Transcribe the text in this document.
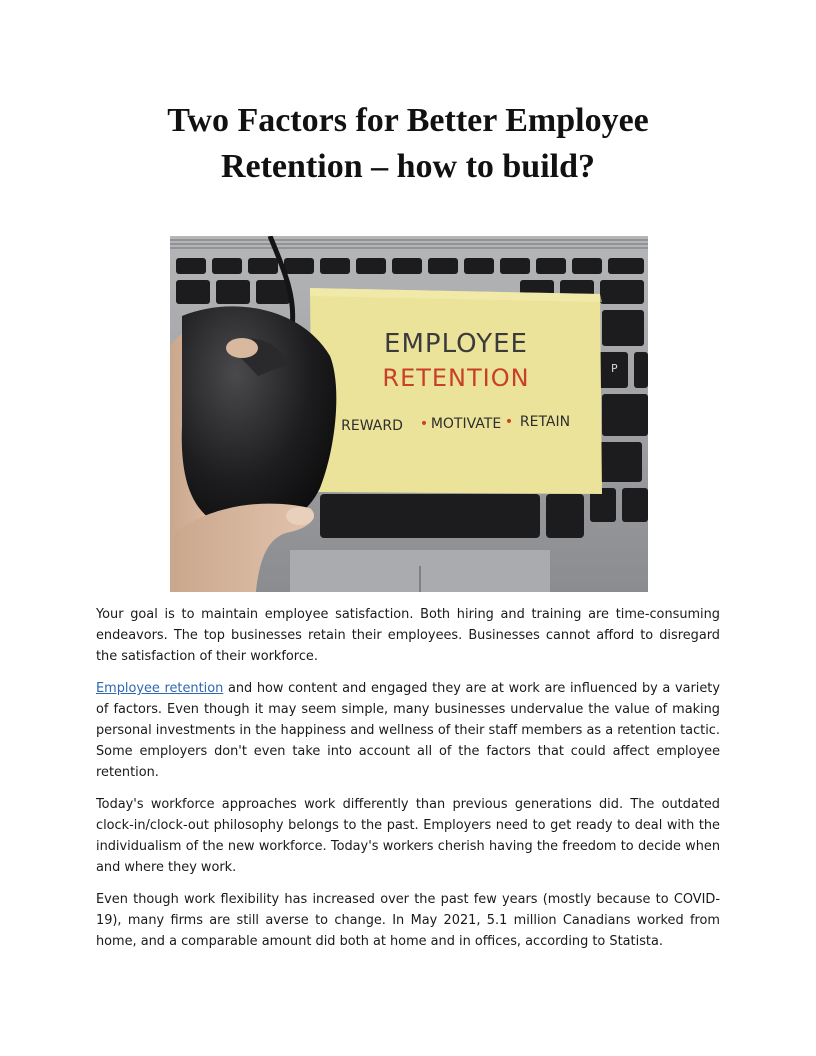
Two Factors for Better Employee
Retention – how to build?
P
EMPLOYEE
RETENTION
REWARD • MOTIVATE • RETAIN

Your goal is to maintain employee satisfaction. Both hiring and training are time-consuming endeavors. The top businesses retain their employees. Businesses cannot afford to disregard the satisfaction of their workforce.

Employee retention and how content and engaged they are at work are influenced by a variety of factors. Even though it may seem simple, many businesses undervalue the value of making personal investments in the happiness and wellness of their staff members as a retention tactic. Some employers don't even take into account all of the factors that could affect employee retention.

Today's workforce approaches work differently than previous generations did. The outdated clock-in/clock-out philosophy belongs to the past. Employers need to get ready to deal with the individualism of the new workforce. Today's workers cherish having the freedom to decide when and where they work.

Even though work flexibility has increased over the past few years (mostly because to COVID-19), many firms are still averse to change. In May 2021, 5.1 million Canadians worked from home, and a comparable amount did both at home and in offices, according to Statista.
